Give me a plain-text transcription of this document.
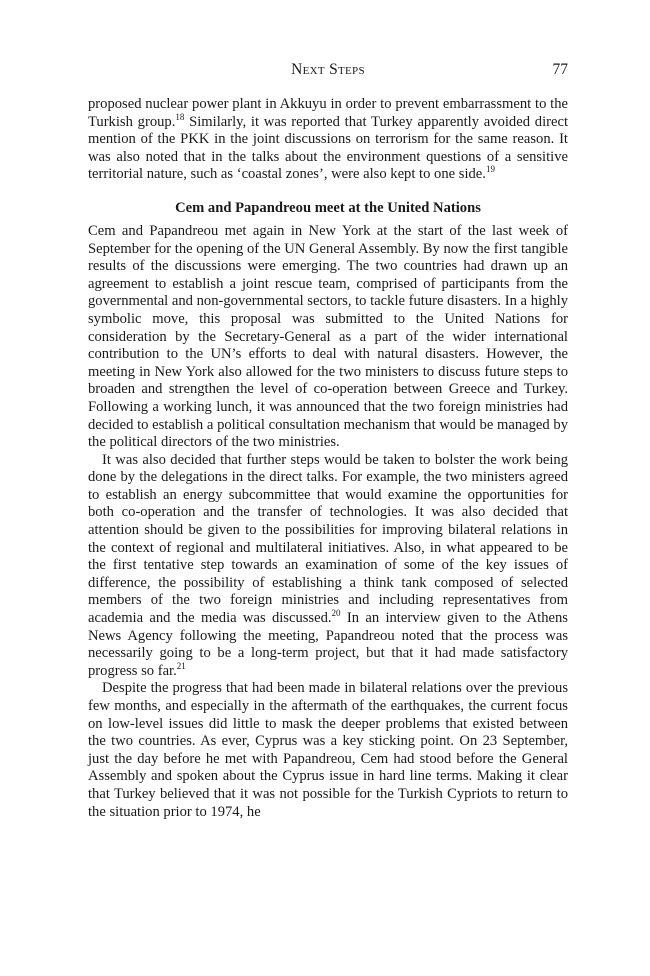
Next Steps	77

proposed nuclear power plant in Akkuyu in order to prevent embarrassment to the Turkish group.$^{18}$ Similarly, it was reported that Turkey apparently avoided direct mention of the PKK in the joint discussions on terrorism for the same reason. It was also noted that in the talks about the environment questions of a sensitive territorial nature, such as ‘coastal zones’, were also kept to one side.$^{19}$

Cem and Papandreou meet at the United Nations

Cem and Papandreou met again in New York at the start of the last week of September for the opening of the UN General Assembly. By now the first tangible results of the discussions were emerging. The two countries had drawn up an agreement to establish a joint rescue team, comprised of participants from the governmental and non-governmental sectors, to tackle future disasters. In a highly symbolic move, this proposal was submitted to the United Nations for consideration by the Secretary-General as a part of the wider international contribution to the UN’s efforts to deal with natural disasters. However, the meeting in New York also allowed for the two ministers to discuss future steps to broaden and strengthen the level of co-operation between Greece and Turkey. Following a working lunch, it was announced that the two foreign ministries had decided to establish a political consultation mechanism that would be managed by the political directors of the two ministries.

It was also decided that further steps would be taken to bolster the work being done by the delegations in the direct talks. For example, the two ministers agreed to establish an energy subcommittee that would examine the opportunities for both co-operation and the transfer of technologies. It was also decided that attention should be given to the possibilities for improving bilateral relations in the context of regional and multilateral initiatives. Also, in what appeared to be the first tentative step towards an examination of some of the key issues of difference, the possibility of establishing a think tank composed of selected members of the two foreign ministries and including representatives from academia and the media was discussed.$^{20}$ In an interview given to the Athens News Agency following the meeting, Papandreou noted that the process was necessarily going to be a long-term project, but that it had made satisfactory progress so far.$^{21}$

Despite the progress that had been made in bilateral relations over the previous few months, and especially in the aftermath of the earthquakes, the current focus on low-level issues did little to mask the deeper problems that existed between the two countries. As ever, Cyprus was a key sticking point. On 23 September, just the day before he met with Papandreou, Cem had stood before the General Assembly and spoken about the Cyprus issue in hard line terms. Making it clear that Turkey believed that it was not possible for the Turkish Cypriots to return to the situation prior to 1974, he
